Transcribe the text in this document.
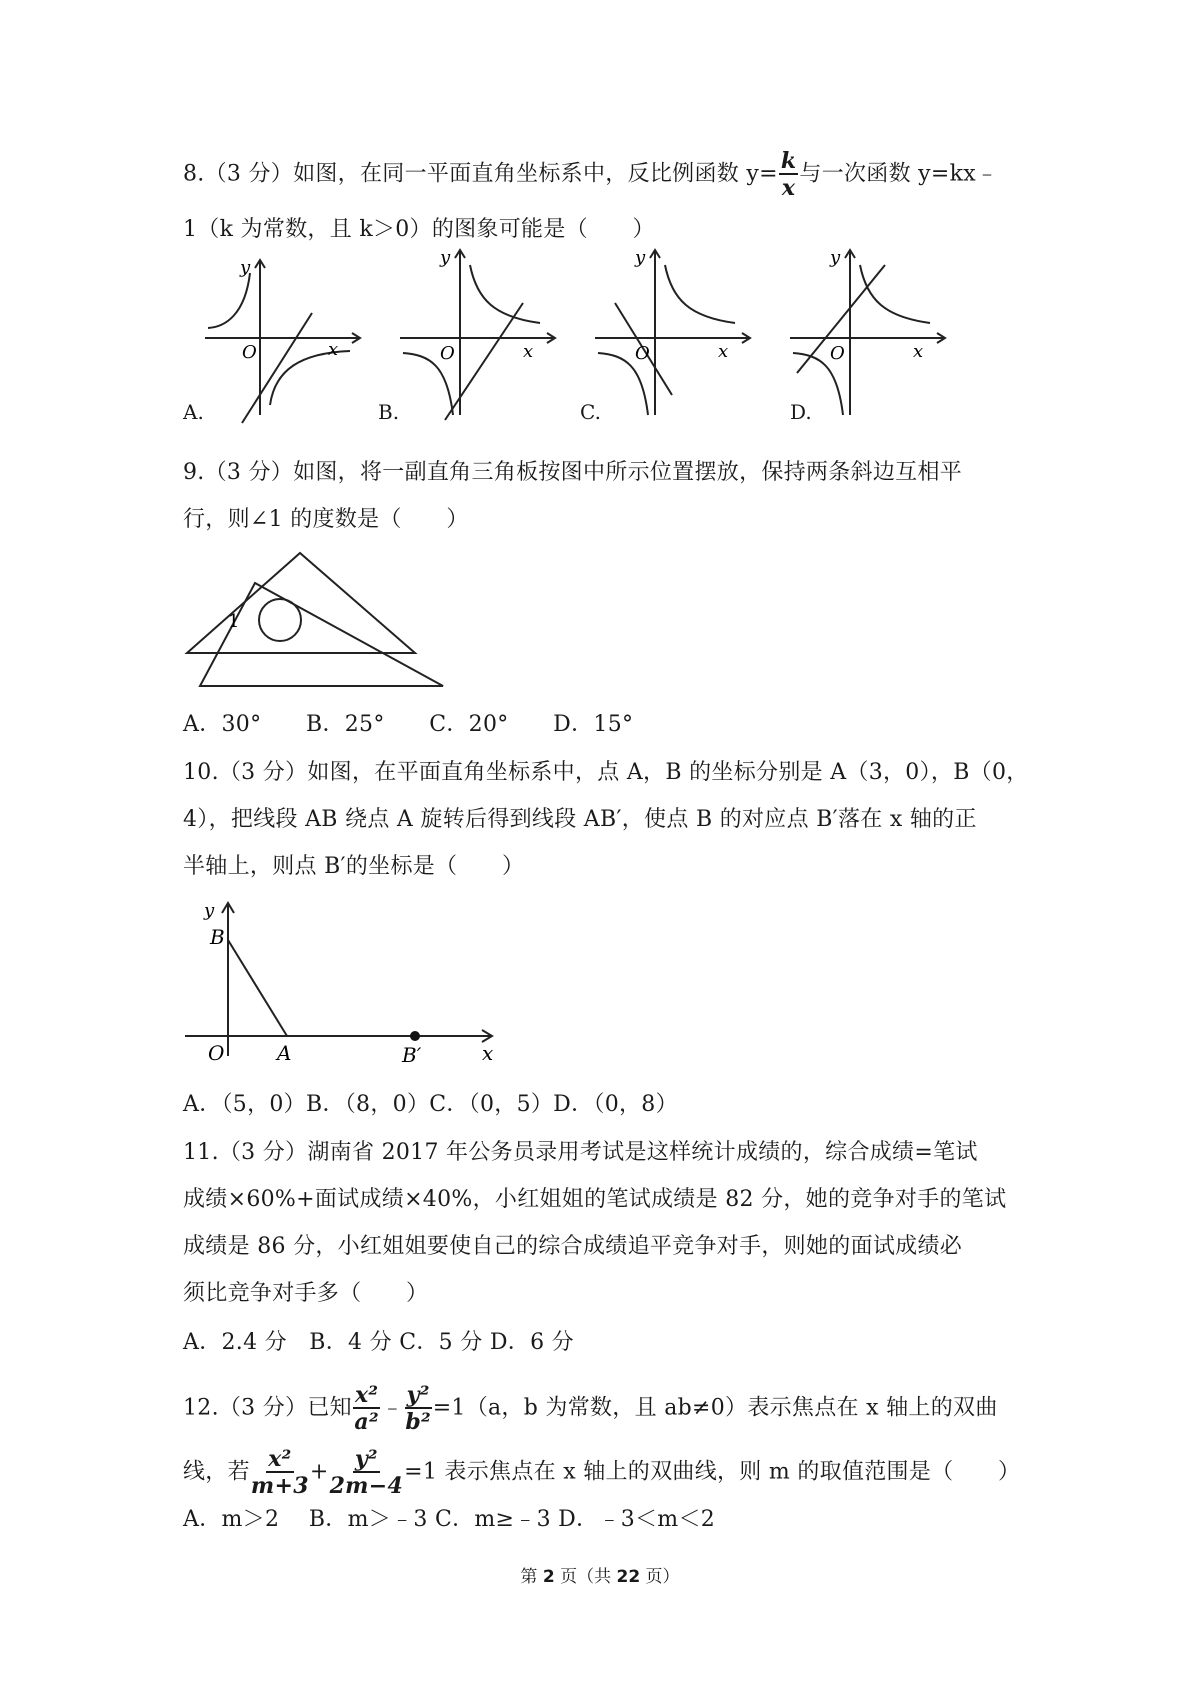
8.（3 分）如图，在同一平面直角坐标系中，反比例函数 $y= \frac{k}{x}$ 与一次函数 y=kx﹣
1（k 为常数，且 k＞0）的图象可能是（　　）
y
x
O
A.
y
x
O
B.
y
x
O
C.
y
x
O
D.
9.（3 分）如图，将一副直角三角板按图中所示位置摆放，保持两条斜边互相平
行，则∠1 的度数是（　　）
1
A．30°　　B．25°　　C．20°　　D．15°
10.（3 分）如图，在平面直角坐标系中，点 A，B 的坐标分别是 A（3，0），B（0，
4），把线段 AB 绕点 A 旋转后得到线段 AB′，使点 B 的对应点 B′落在 x 轴的正
半轴上，则点 B′的坐标是（　　）
y
B
O	A	B′	x
A．（5，0）B．（8，0）C．（0，5）D．（0，8）
11.（3 分）湖南省 2017 年公务员录用考试是这样统计成绩的，综合成绩=笔试
成绩×60%+面试成绩×40%，小红姐姐的笔试成绩是 82 分，她的竞争对手的笔试
成绩是 86 分，小红姐姐要使自己的综合成绩追平竞争对手，则她的面试成绩必
须比竞争对手多（　　）
A．2.4 分　B．4 分 C．5 分 D．6 分
12.（3 分）已知 $\frac{\text{x²}}{\text{a²}}$ ﹣ $\frac{\text{y²}}{\text{b²}} =1(a$，b 为常数，且 ab≠0）表示焦点在 x 轴上的双曲
线，若 $\frac{\text{x²}}{m+3} + \frac{\text{y²}}{2m-4} =1$ 表示焦点在 x 轴上的双曲线，则 m 的取值范围是（　　）
A．m＞2　 B．m＞﹣3 C．m≥﹣3 D．﹣3＜m＜2
第 2 页（共 22 页）
